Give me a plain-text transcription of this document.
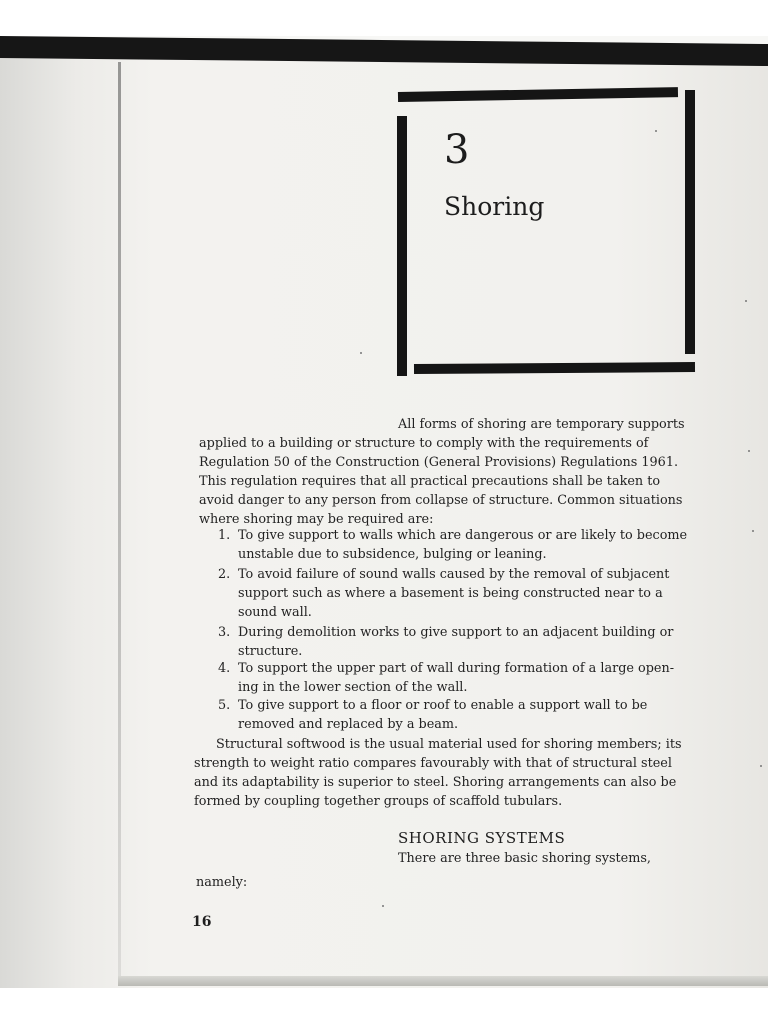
3
Shoring
All forms of shoring are temporary supports
applied to a building or structure to comply with the requirements of
Regulation 50 of the Construction (General Provisions) Regulations 1961.
This regulation requires that all practical precautions shall be taken to
avoid danger to any person from collapse of structure. Common situations
where shoring may be required are:
1. To give support to walls which are dangerous or are likely to become
unstable due to subsidence, bulging or leaning.
2. To avoid failure of sound walls caused by the removal of subjacent
support such as where a basement is being constructed near to a
sound wall.
3. During demolition works to give support to an adjacent building or
structure.
4. To support the upper part of wall during formation of a large open-
ing in the lower section of the wall.
5. To give support to a floor or roof to enable a support wall to be
removed and replaced by a beam.
Structural softwood is the usual material used for shoring members; its
strength to weight ratio compares favourably with that of structural steel
and its adaptability is superior to steel. Shoring arrangements can also be
formed by coupling together groups of scaffold tubulars.
SHORING SYSTEMS
There are three basic shoring systems,
namely:
16
